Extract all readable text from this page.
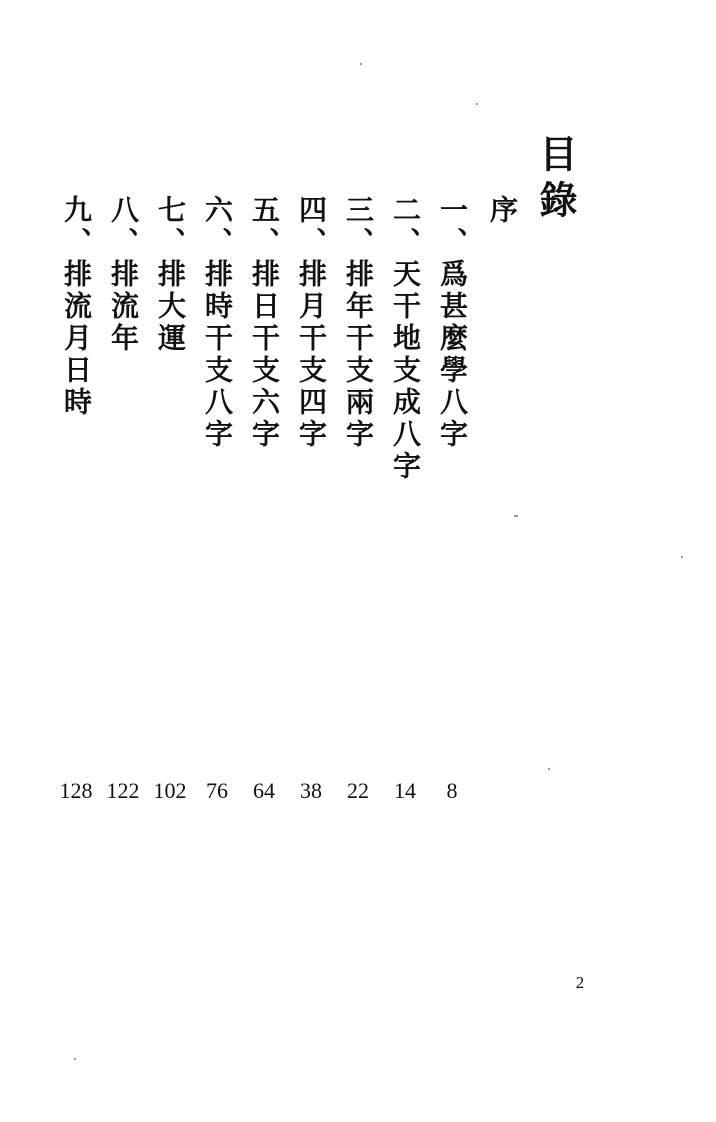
目錄
序
一、爲甚麼學八字
二、天干地支成八字
三、排年干支兩字
四、排月干支四字
五、排日干支六字
六、排時干支八字
七、排大運
八、排流年
九、排流月日時
8
14
22
38
64
76
102
122
128
2
